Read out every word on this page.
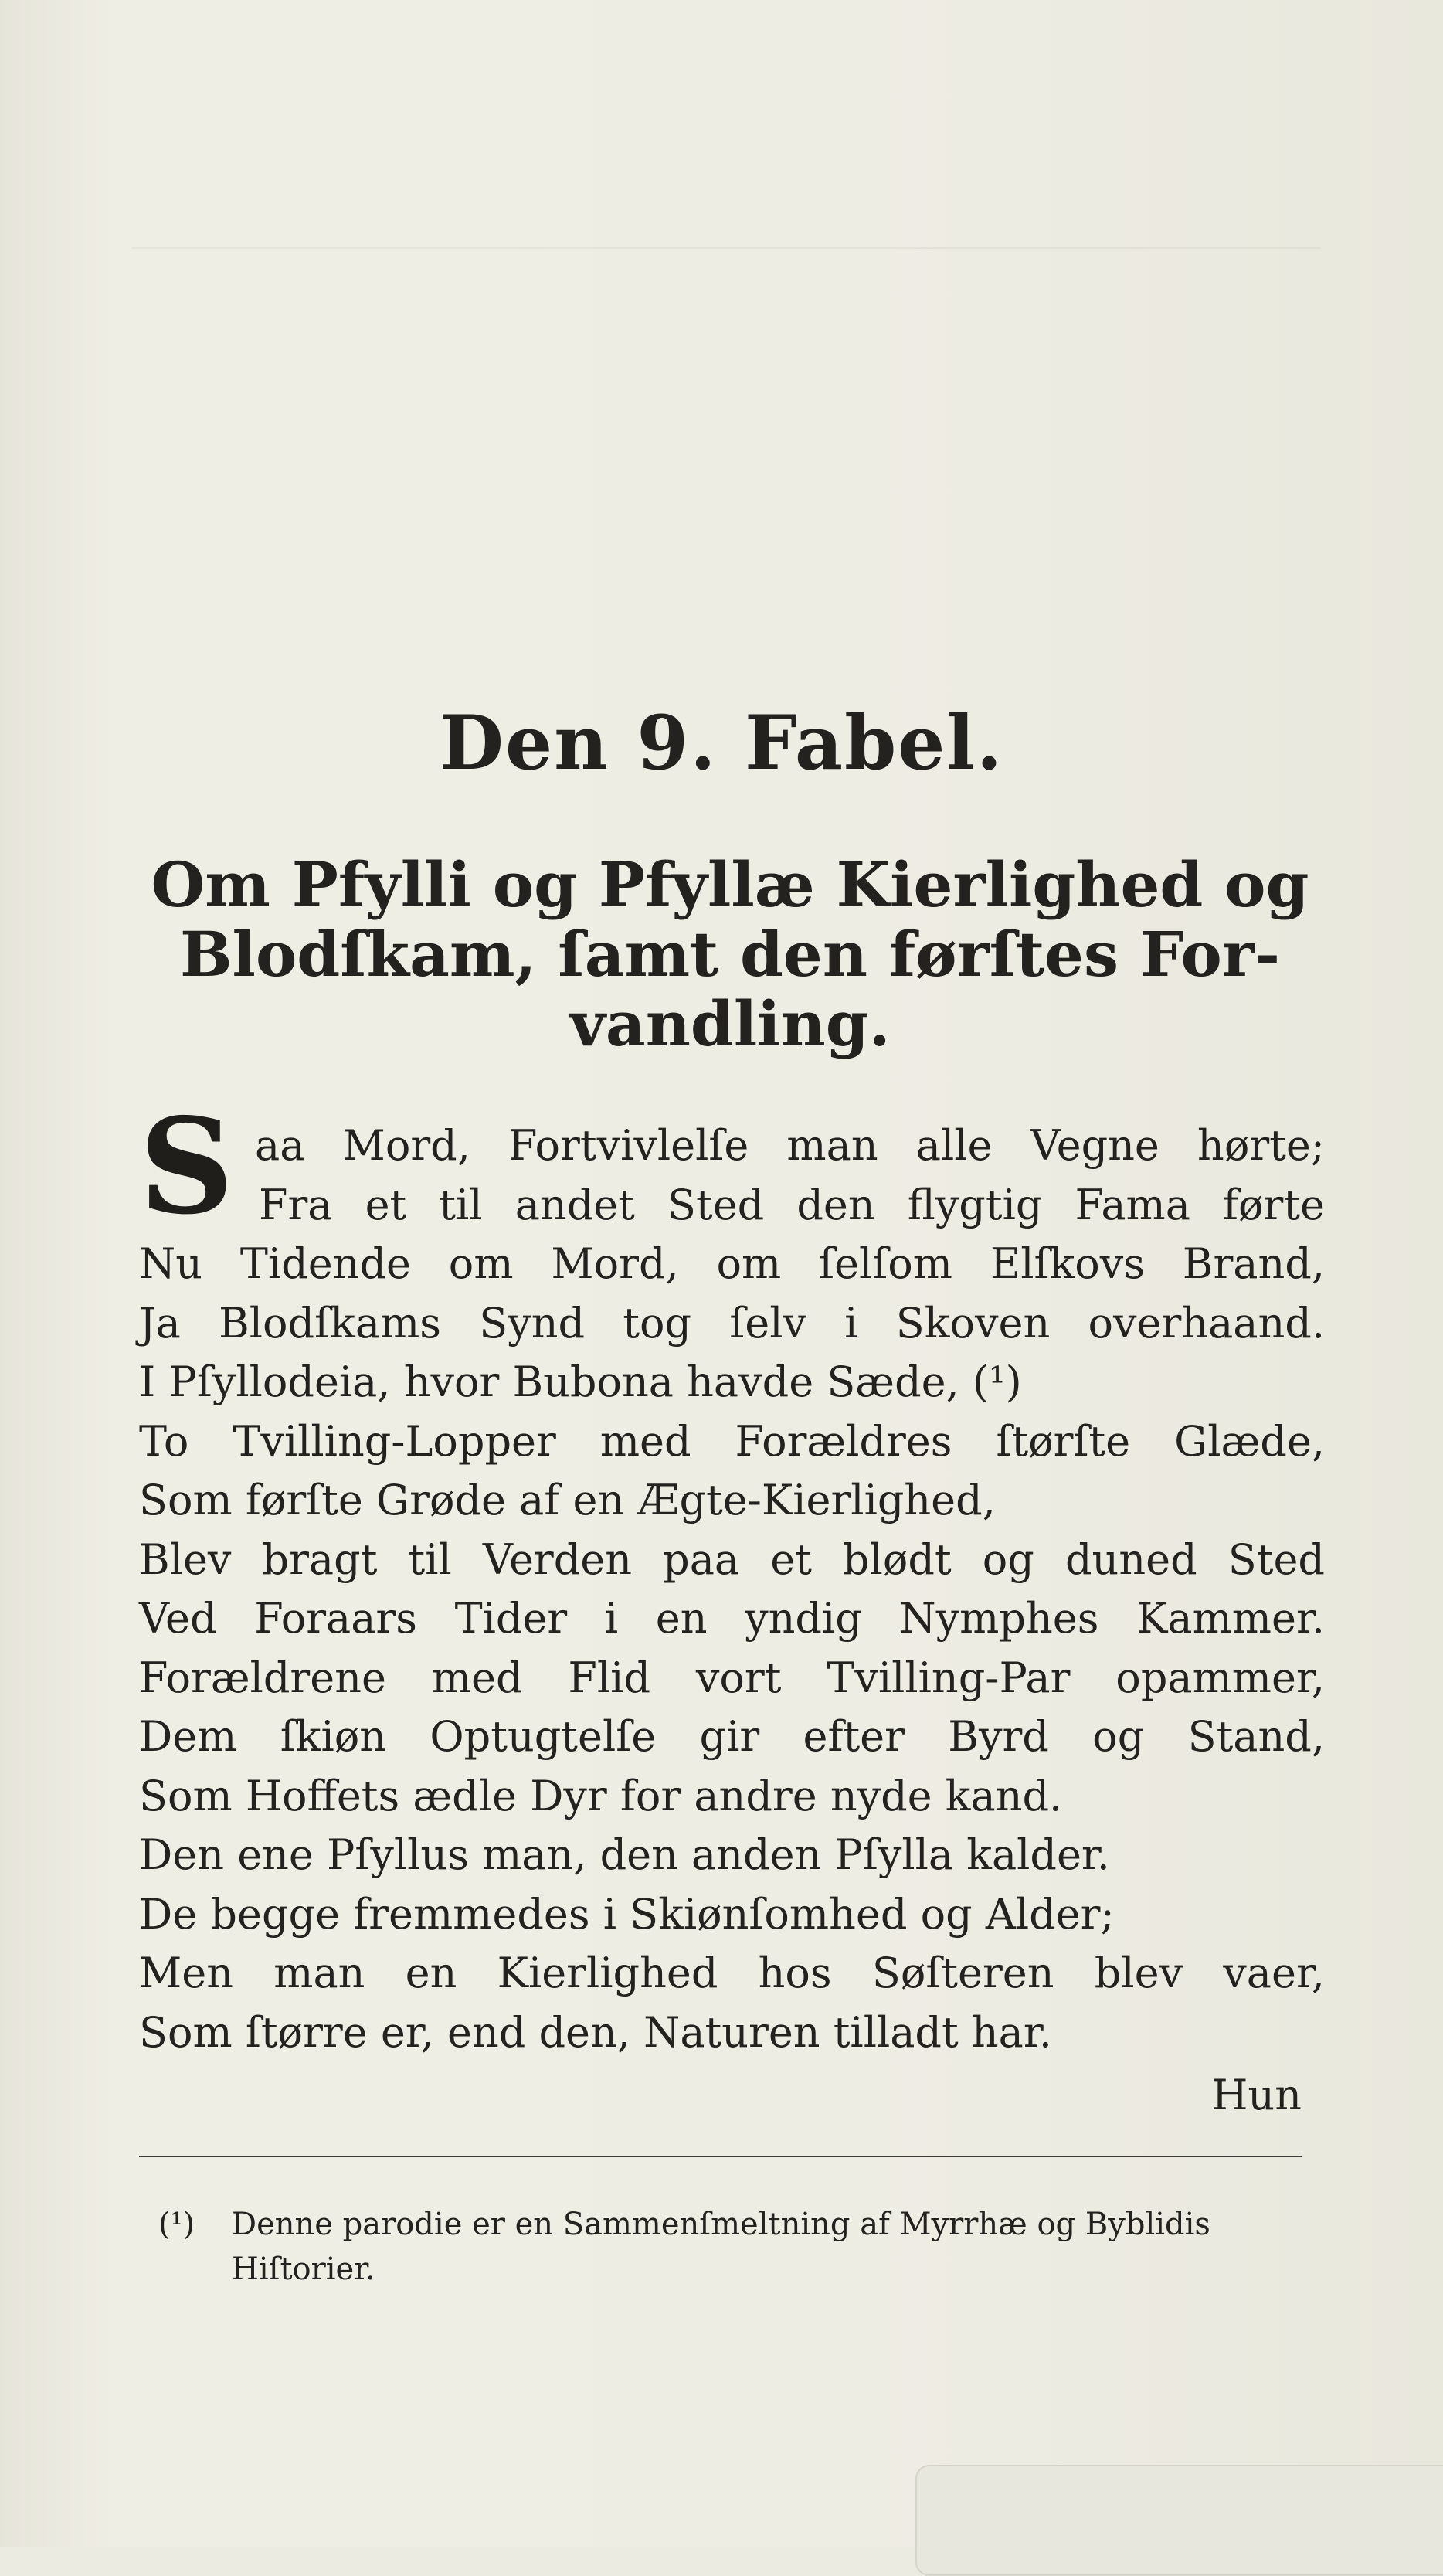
Den 9. Fabel.
Om Pfylli og Pfyllæ Kierlighed og
Blodſkam, ſamt den førſtes For-
vandling.
S aa Mord, Fortvivlelſe man alle Vegne hørte;
Fra et til andet Sted den flygtig Fama førte
Nu Tidende om Mord, om ſelſom Elſkovs Brand,
Ja Blodſkams Synd tog ſelv i Skoven overhaand.
I Pſyllodeia, hvor Bubona havde Sæde, (¹)
To Tvilling-Lopper med Forældres ſtørſte Glæde,
Som førſte Grøde af en Ægte-Kierlighed,
Blev bragt til Verden paa et blødt og duned Sted
Ved Foraars Tider i en yndig Nymphes Kammer.
Forældrene med Flid vort Tvilling-Par opammer,
Dem ſkiøn Optugtelſe gir efter Byrd og Stand,
Som Hoffets ædle Dyr for andre nyde kand.
Den ene Pſyllus man, den anden Pſylla kalder.
De begge fremmedes i Skiønſomhed og Alder;
Men man en Kierlighed hos Søſteren blev vaer,
Som ſtørre er, end den, Naturen tilladt har.
Hun
(¹) Denne parodie er en Sammenſmeltning af Myrrhæ og Byblidis
Hiſtorier.
